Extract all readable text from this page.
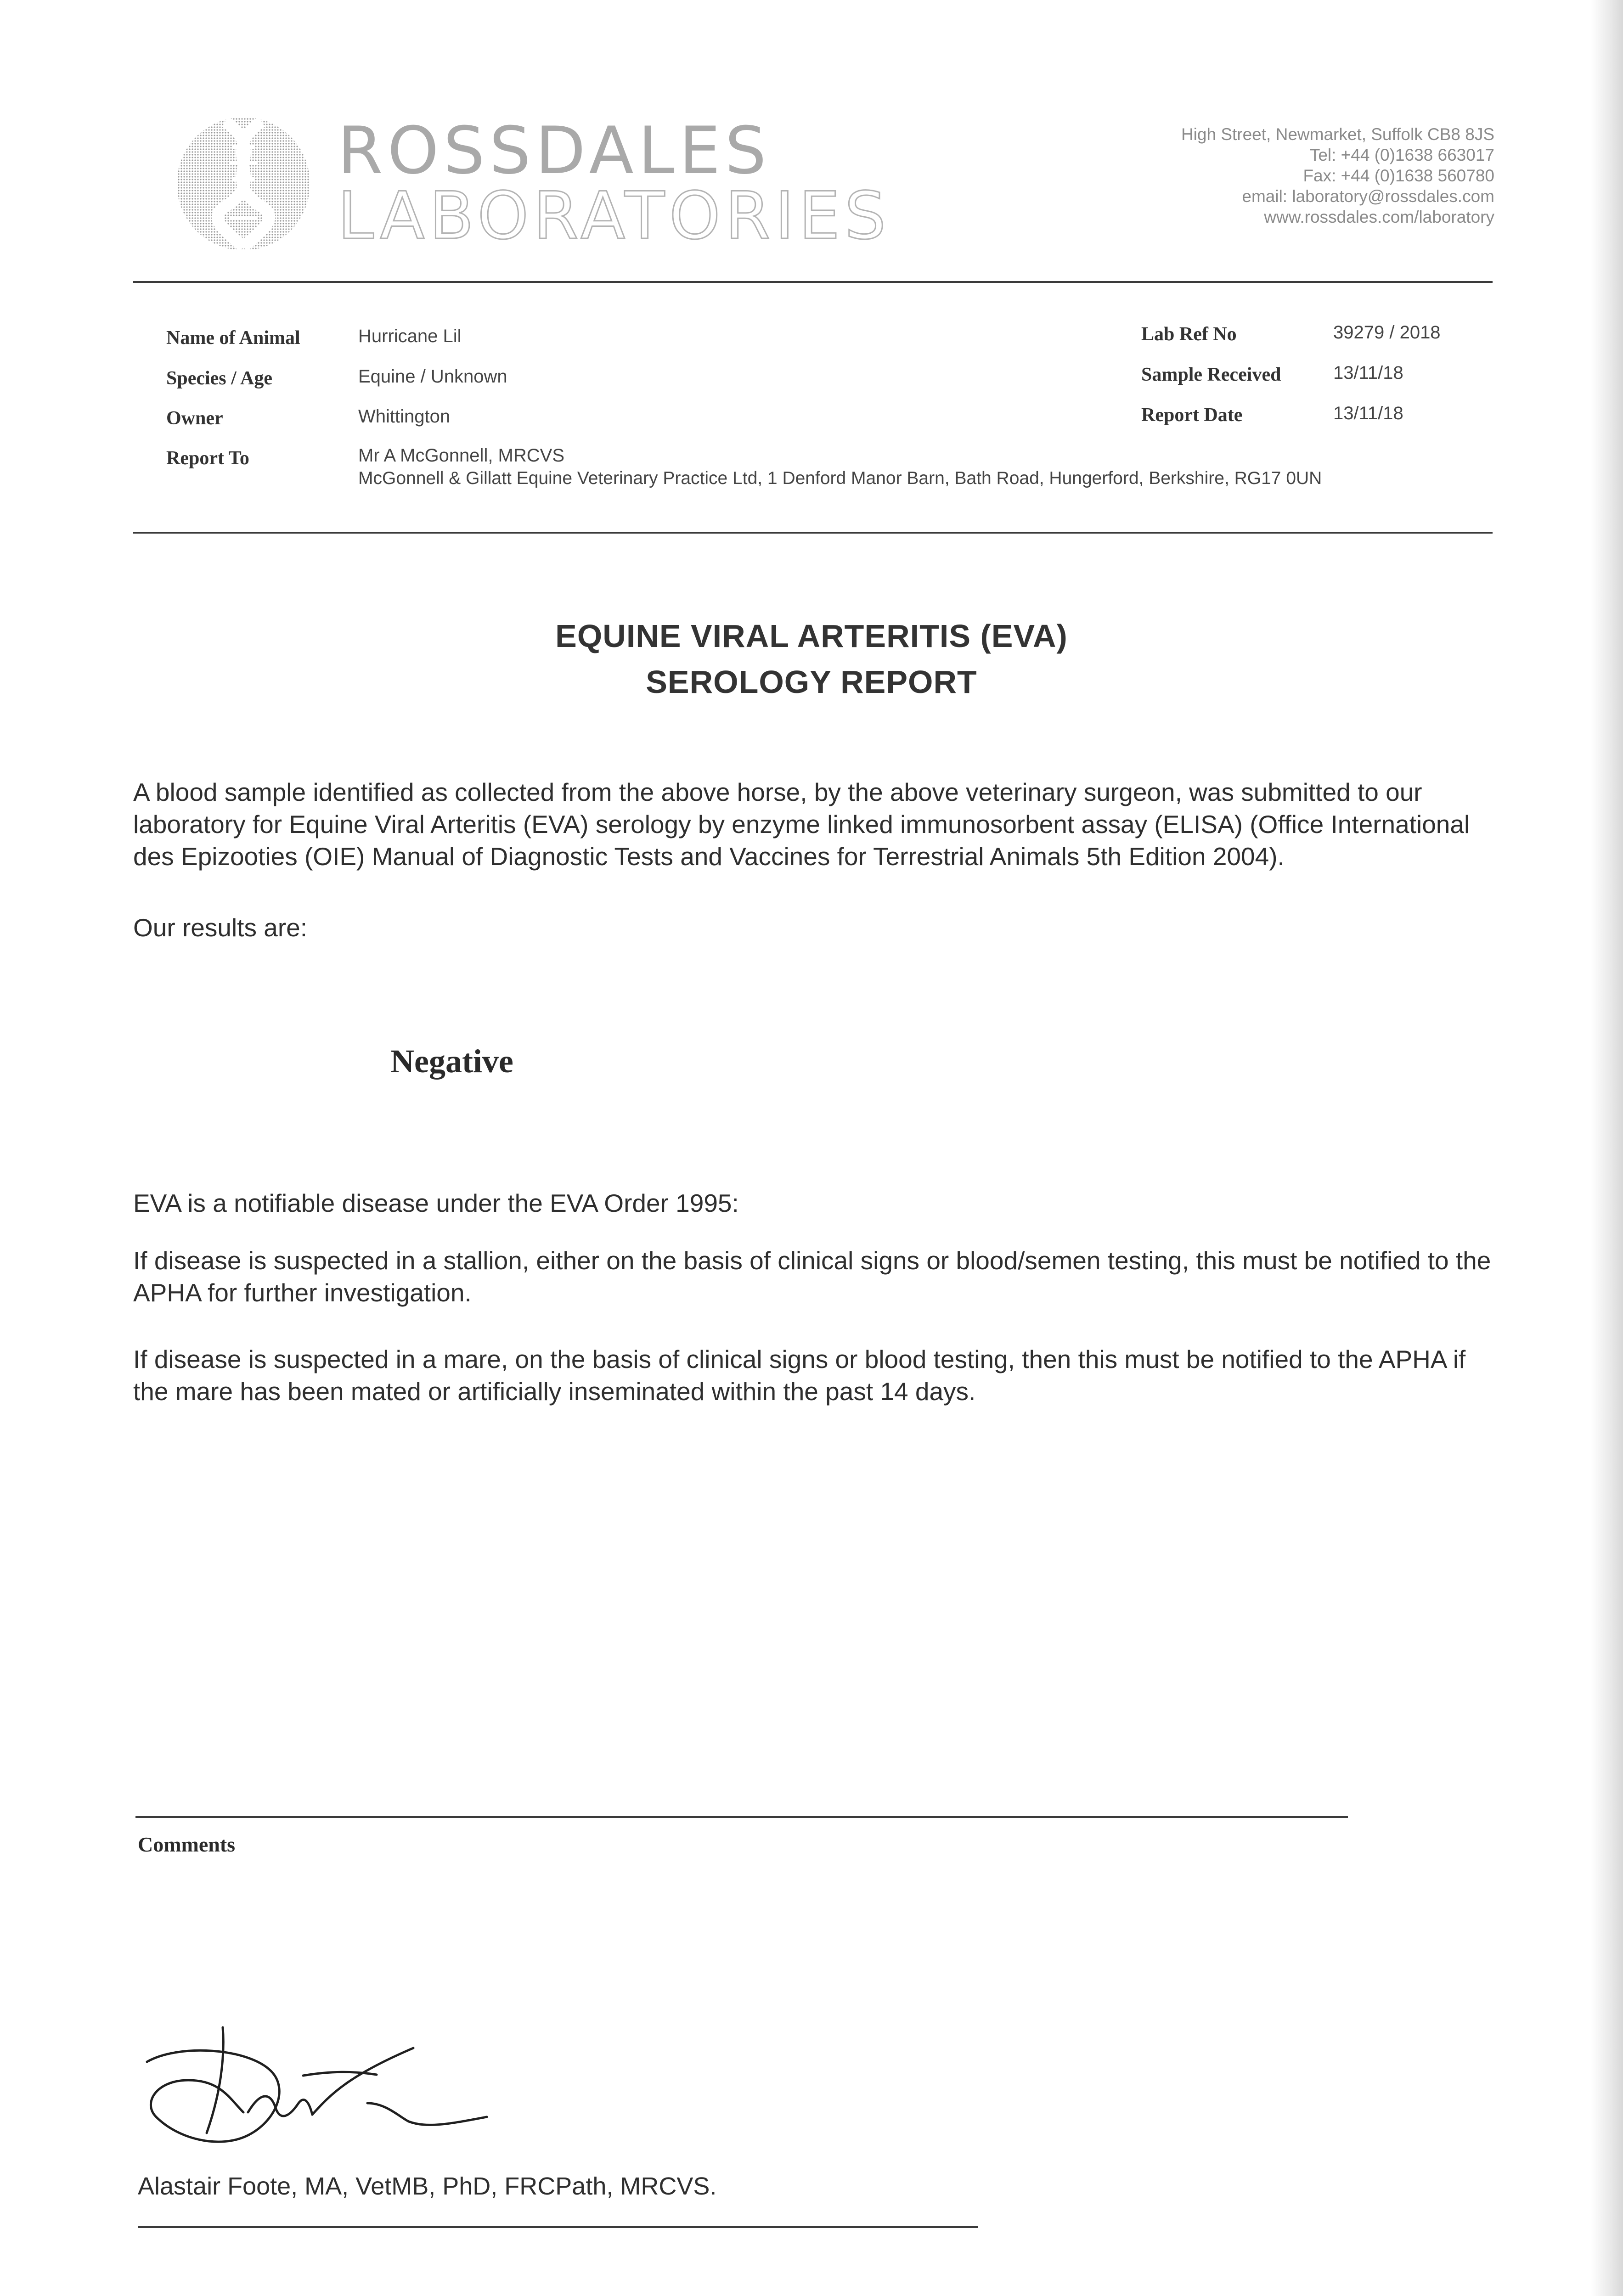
ROSSDALES
LABORATORIES
High Street, Newmarket, Suffolk CB8 8JS
Tel: +44 (0)1638 663017
Fax: +44 (0)1638 560780
email: laboratory@rossdales.com
www.rossdales.com/laboratory
Name of Animal	Hurricane Lil
Species / Age	Equine / Unknown
Owner	Whittington
Report To	Mr A McGonnell, MRCVS
McGonnell & Gillatt Equine Veterinary Practice Ltd, 1 Denford Manor Barn, Bath Road, Hungerford, Berkshire, RG17 0UN
Lab Ref No	39279 / 2018
Sample Received	13/11/18
Report Date	13/11/18
EQUINE VIRAL ARTERITIS (EVA)
SEROLOGY REPORT
A blood sample identified as collected from the above horse, by the above veterinary surgeon, was submitted to our laboratory for Equine Viral Arteritis (EVA) serology by enzyme linked immunosorbent assay (ELISA) (Office International des Epizooties (OIE) Manual of Diagnostic Tests and Vaccines for Terrestrial Animals 5th Edition 2004).
Our results are:
Negative
EVA is a notifiable disease under the EVA Order 1995:
If disease is suspected in a stallion, either on the basis of clinical signs or blood/semen testing, this must be notified to the APHA for further investigation.
If disease is suspected in a mare, on the basis of clinical signs or blood testing, then this must be notified to the APHA if the mare has been mated or artificially inseminated within the past 14 days.
Comments
Alastair Foote, MA, VetMB, PhD, FRCPath, MRCVS.
